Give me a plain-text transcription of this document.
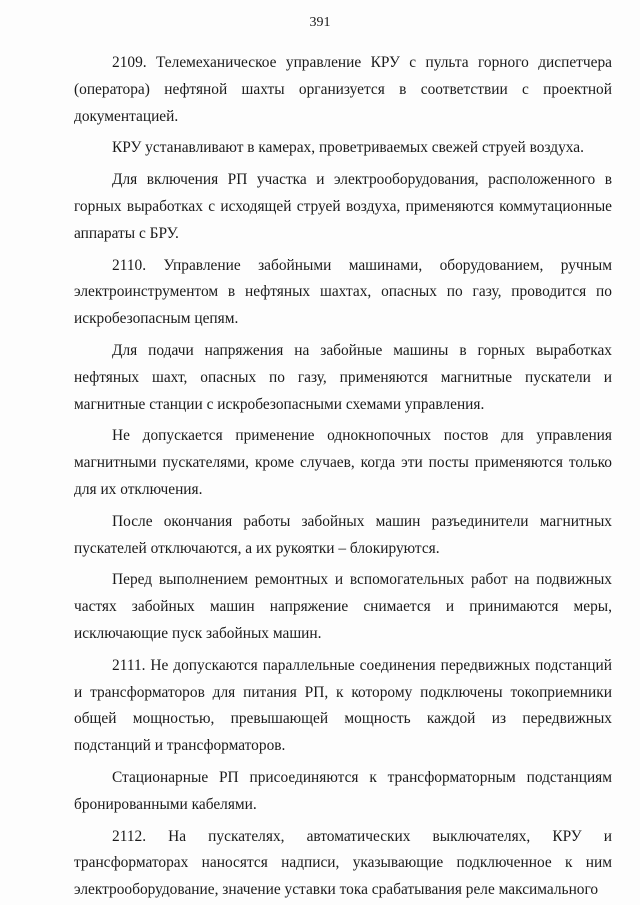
391

2109. Телемеханическое управление КРУ с пульта горного диспетчера (оператора) нефтяной шахты организуется в соответствии с проектной документацией.

КРУ устанавливают в камерах, проветриваемых свежей струей воздуха.

Для включения РП участка и электрооборудования, расположенного в горных выработках с исходящей струей воздуха, применяются коммутационные аппараты с БРУ.

2110. Управление забойными машинами, оборудованием, ручным электроинструментом в нефтяных шахтах, опасных по газу, проводится по искробезопасным цепям.

Для подачи напряжения на забойные машины в горных выработках нефтяных шахт, опасных по газу, применяются магнитные пускатели и магнитные станции с искробезопасными схемами управления.

Не допускается применение однокнопочных постов для управления магнитными пускателями, кроме случаев, когда эти посты применяются только для их отключения.

После окончания работы забойных машин разъединители магнитных пускателей отключаются, а их рукоятки – блокируются.

Перед выполнением ремонтных и вспомогательных работ на подвижных частях забойных машин напряжение снимается и принимаются меры, исключающие пуск забойных машин.

2111. Не допускаются параллельные соединения передвижных подстанций и трансформаторов для питания РП, к которому подключены токоприемники общей мощностью, превышающей мощность каждой из передвижных подстанций и трансформаторов.

Стационарные РП присоединяются к трансформаторным подстанциям бронированными кабелями.

2112. На пускателях, автоматических выключателях, КРУ и трансформаторах наносятся надписи, указывающие подключенное к ним электрооборудование, значение уставки тока срабатывания реле максимального
